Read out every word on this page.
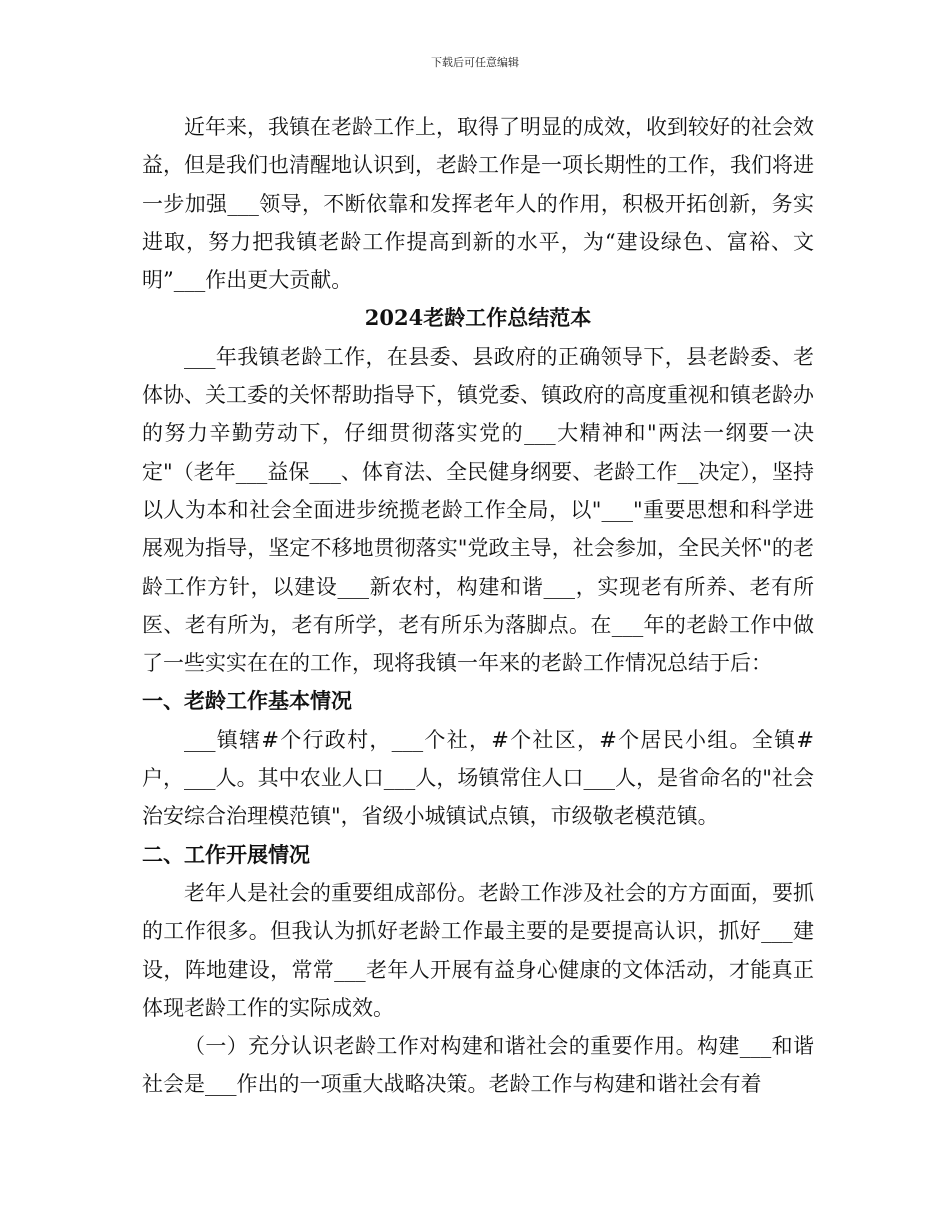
下载后可任意编辑

近年来，我镇在老龄工作上，取得了明显的成效，收到较好的社会效益，但是我们也清醒地认识到，老龄工作是一项长期性的工作，我们将进一步加强___领导，不断依靠和发挥老年人的作用，积极开拓创新，务实进取，努力把我镇老龄工作提高到新的水平，为“建设绿色、富裕、文明”___作出更大贡献。

2024老龄工作总结范本

___年我镇老龄工作，在县委、县政府的正确领导下，县老龄委、老体协、关工委的关怀帮助指导下，镇党委、镇政府的高度重视和镇老龄办的努力辛勤劳动下，仔细贯彻落实党的___大精神和"两法一纲要一决定"（老年___益保___、体育法、全民健身纲要、老龄工作__决定），坚持以人为本和社会全面进步统揽老龄工作全局，以"___"重要思想和科学进展观为指导，坚定不移地贯彻落实"党政主导，社会参加，全民关怀"的老龄工作方针，以建设___新农村，构建和谐___，实现老有所养、老有所医、老有所为，老有所学，老有所乐为落脚点。在___年的老龄工作中做了一些实实在在的工作，现将我镇一年来的老龄工作情况总结于后：

一、老龄工作基本情况

___镇辖#个行政村，___个社，#个社区，#个居民小组。全镇#户，___人。其中农业人口___人，场镇常住人口___人，是省命名的"社会治安综合治理模范镇"，省级小城镇试点镇，市级敬老模范镇。

二、工作开展情况

老年人是社会的重要组成部份。老龄工作涉及社会的方方面面，要抓的工作很多。但我认为抓好老龄工作最主要的是要提高认识，抓好___建设，阵地建设，常常___老年人开展有益身心健康的文体活动，才能真正体现老龄工作的实际成效。

（一）充分认识老龄工作对构建和谐社会的重要作用。构建___和谐社会是___作出的一项重大战略决策。老龄工作与构建和谐社会有着
